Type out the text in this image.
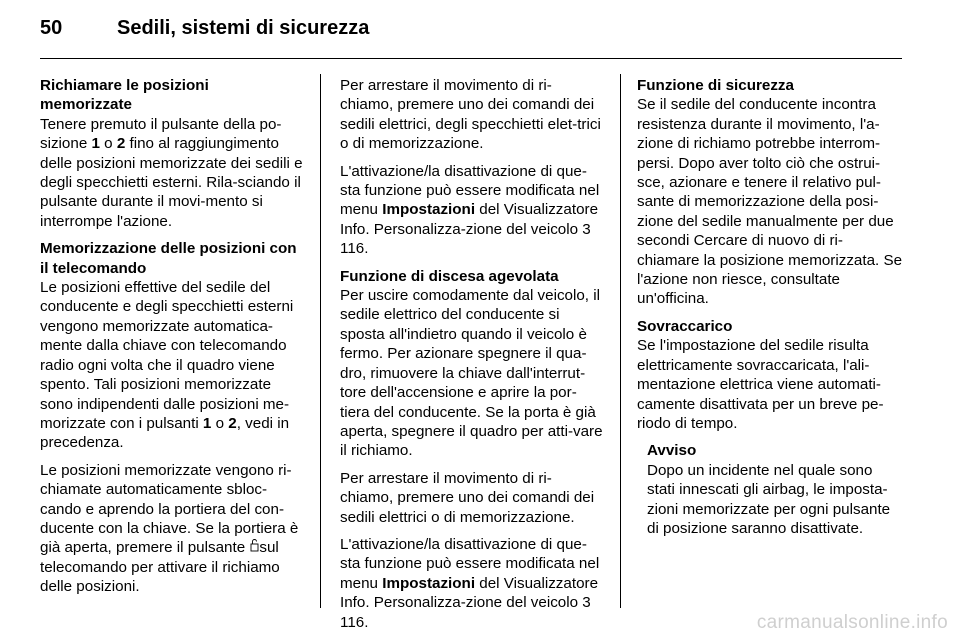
50	Sedili, sistemi di sicurezza
Richiamare le posizioni memorizzate

Tenere premuto il pulsante della po-sizione 1 o 2 fino al raggiungimento delle posizioni memorizzate dei sedili e degli specchietti esterni. Rila-sciando il pulsante durante il movi-mento si interrompe l'azione.

Memorizzazione delle posizioni con il telecomando

Le posizioni effettive del sedile del conducente e degli specchietti esterni vengono memorizzate automatica-mente dalla chiave con telecomando radio ogni volta che il quadro viene spento. Tali posizioni memorizzate sono indipendenti dalle posizioni me-morizzate con i pulsanti 1 o 2, vedi in precedenza.

Le posizioni memorizzate vengono ri-chiamate automaticamente sbloc-cando e aprendo la portiera del con-ducente con la chiave. Se la portiera è già aperta, premere il pulsante sul telecomando per attivare il richiamo delle posizioni.

Per arrestare il movimento di ri-chiamo, premere uno dei comandi dei sedili elettrici, degli specchietti elet-trici o di memorizzazione.

L'attivazione/la disattivazione di que-sta funzione può essere modificata nel menu Impostazioni del Visualizzatore Info. Personalizza-zione del veicolo 3 116.

Funzione di discesa agevolata

Per uscire comodamente dal veicolo, il sedile elettrico del conducente si sposta all'indietro quando il veicolo è fermo. Per azionare spegnere il qua-dro, rimuovere la chiave dall'interrut-tore dell'accensione e aprire la por-tiera del conducente. Se la porta è già aperta, spegnere il quadro per atti-vare il richiamo.

Per arrestare il movimento di ri-chiamo, premere uno dei comandi dei sedili elettrici o di memorizzazione.

L'attivazione/la disattivazione di que-sta funzione può essere modificata nel menu Impostazioni del Visualizzatore Info. Personalizza-zione del veicolo 3 116.

Funzione di sicurezza

Se il sedile del conducente incontra resistenza durante il movimento, l'a-zione di richiamo potrebbe interrom-persi. Dopo aver tolto ciò che ostrui-sce, azionare e tenere il relativo pul-sante di memorizzazione della posi-zione del sedile manualmente per due secondi Cercare di nuovo di ri-chiamare la posizione memorizzata. Se l'azione non riesce, consultate un'officina.

Sovraccarico

Se l'impostazione del sedile risulta elettricamente sovraccaricata, l'ali-mentazione elettrica viene automati-camente disattivata per un breve pe-riodo di tempo.

Avviso

Dopo un incidente nel quale sono stati innescati gli airbag, le imposta-zioni memorizzate per ogni pulsante di posizione saranno disattivate.

carmanualsonline.info
